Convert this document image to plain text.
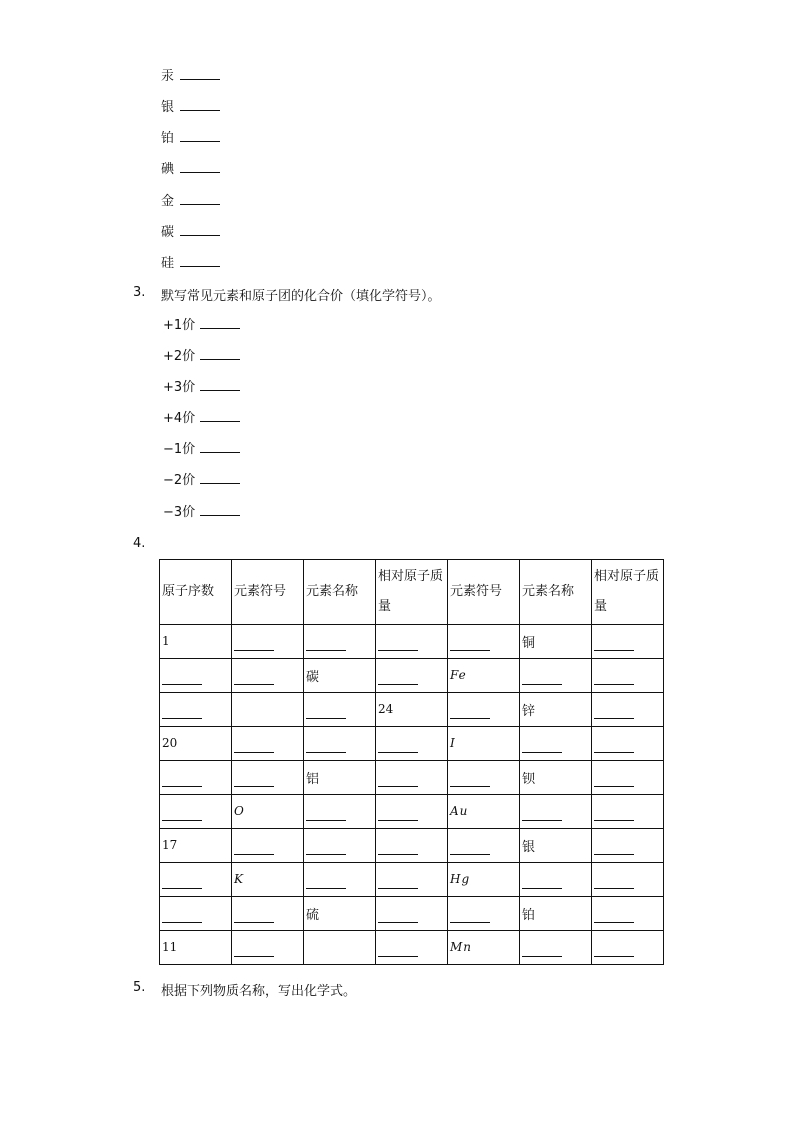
汞
银
铂
碘
金
碳
硅
3. 默写常见元素和原子团的化合价（填化学符号）。
+1价
+2价
+3价
+4价
−1价
−2价
−3价
4.
原子序数	元素符号	元素名称	相对原子质量	元素符号	元素名称	相对原子质量
1					铜	
		碳		Fe		
			24		锌	
20				I		
		铝			钡	
	O			Au		
17					银	
	K			Hg		
		硫			铂	
11				Mn		
5. 根据下列物质名称，写出化学式。
